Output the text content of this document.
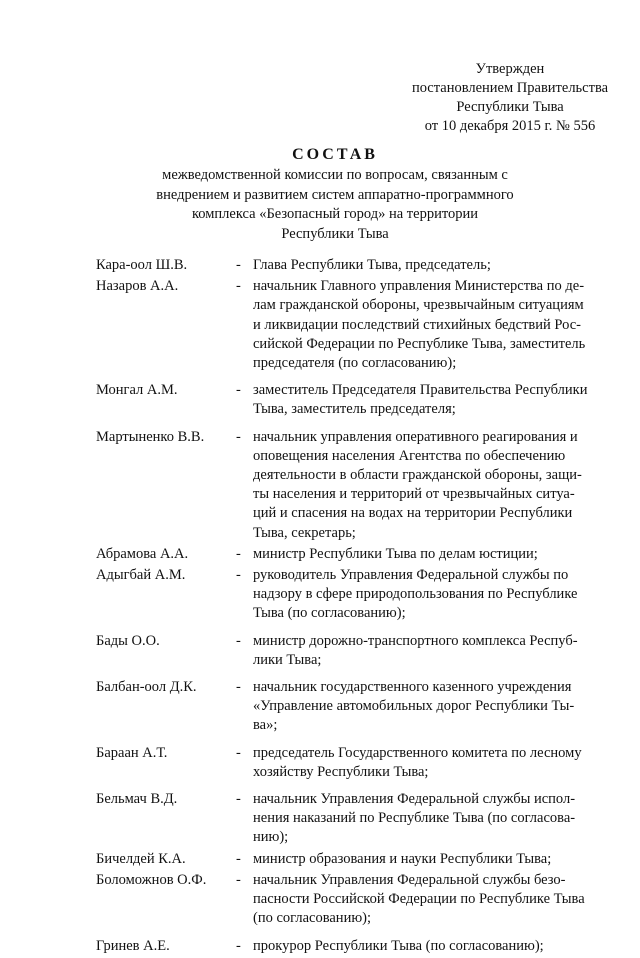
Утвержден
постановлением Правительства
Республики Тыва
от 10 декабря 2015 г. № 556
СОСТАВ
межведомственной комиссии по вопросам, связанным с
внедрением и развитием систем аппаратно-программного
комплекса «Безопасный город» на территории
Республики Тыва
Кара-оол Ш.В.	- Глава Республики Тыва, председатель;
Назаров А.А.	- начальник Главного управления Министерства по де-
лам гражданской обороны, чрезвычайным ситуациям
и ликвидации последствий стихийных бедствий Рос-
сийской Федерации по Республике Тыва, заместитель
председателя (по согласованию);
Монгал А.М.	- заместитель Председателя Правительства Республики
Тыва, заместитель председателя;
Мартыненко В.В.	- начальник управления оперативного реагирования и
оповещения населения Агентства по обеспечению
деятельности в области гражданской обороны, защи-
ты населения и территорий от чрезвычайных ситуа-
ций и спасения на водах на территории Республики
Тыва, секретарь;
Абрамова А.А.	- министр Республики Тыва по делам юстиции;
Адыгбай А.М.	- руководитель Управления Федеральной службы по
надзору в сфере природопользования по Республике
Тыва (по согласованию);
Бады О.О.	- министр дорожно-транспортного комплекса Респуб-
лики Тыва;
Балбан-оол Д.К.	- начальник государственного казенного учреждения
«Управление автомобильных дорог Республики Ты-
ва»;
Бараан А.Т.	- председатель Государственного комитета по лесному
хозяйству Республики Тыва;
Бельмач В.Д.	- начальник Управления Федеральной службы испол-
нения наказаний по Республике Тыва (по согласова-
нию);
Бичелдей К.А.	- министр образования и науки Республики Тыва;
Боломожнов О.Ф.	- начальник Управления Федеральной службы безо-
пасности Российской Федерации по Республике Тыва
(по согласованию);
Гринев А.Е.	- прокурор Республики Тыва (по согласованию);
